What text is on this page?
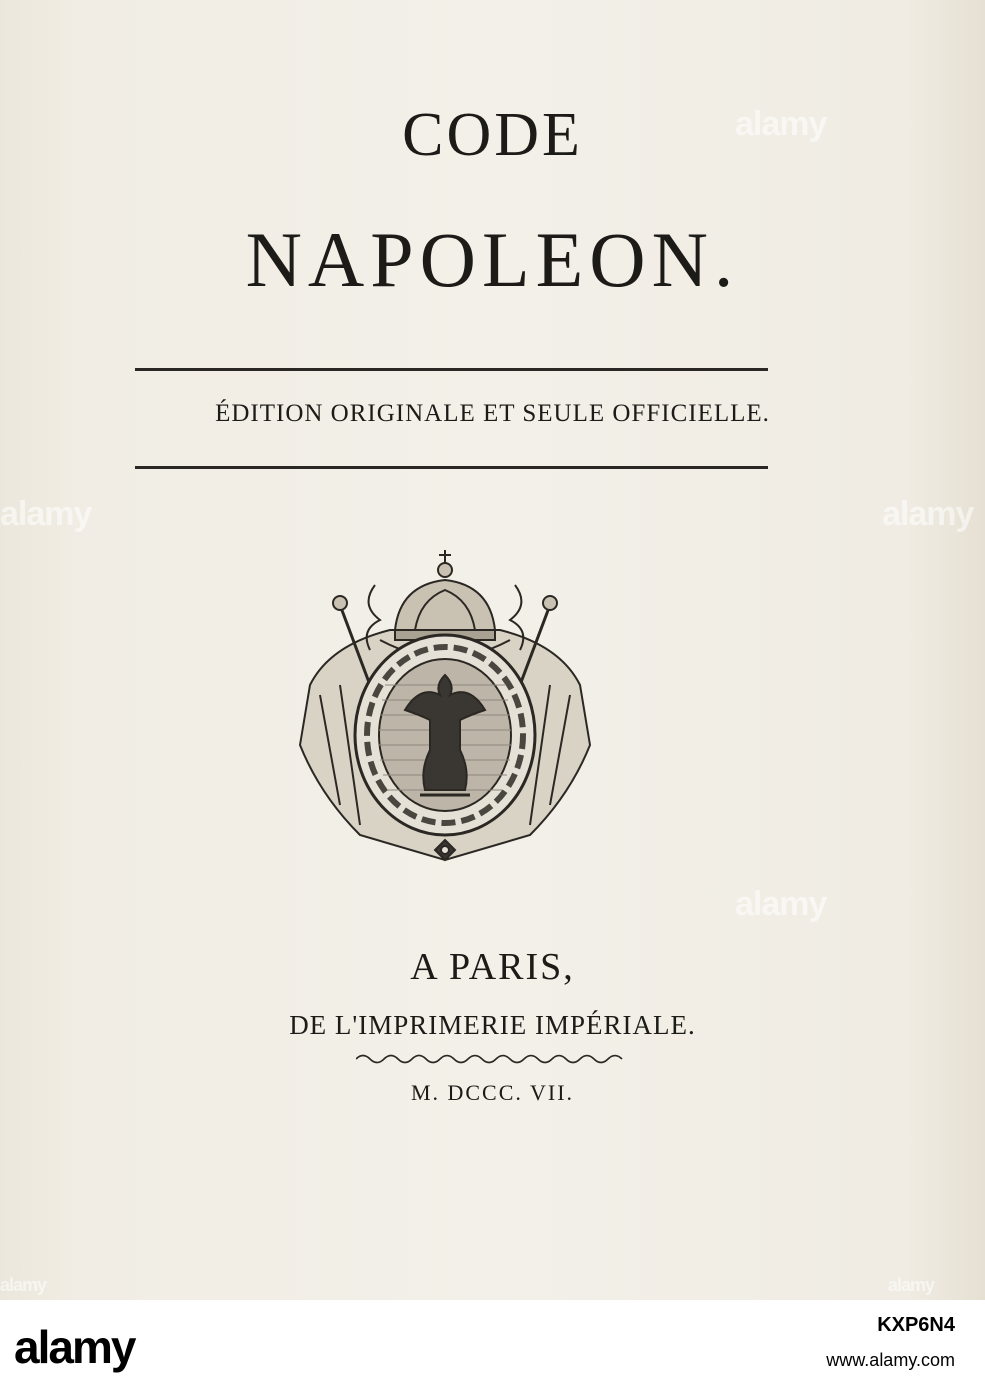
alamy
alamy	alamy
alamy
alamy	alamy
CODE
NAPOLEON.
ÉDITION ORIGINALE ET SEULE OFFICIELLE.
A PARIS,
DE L'IMPRIMERIE IMPÉRIALE.
M. DCCC. VII.
alamy	KXP6N4
www.alamy.com
